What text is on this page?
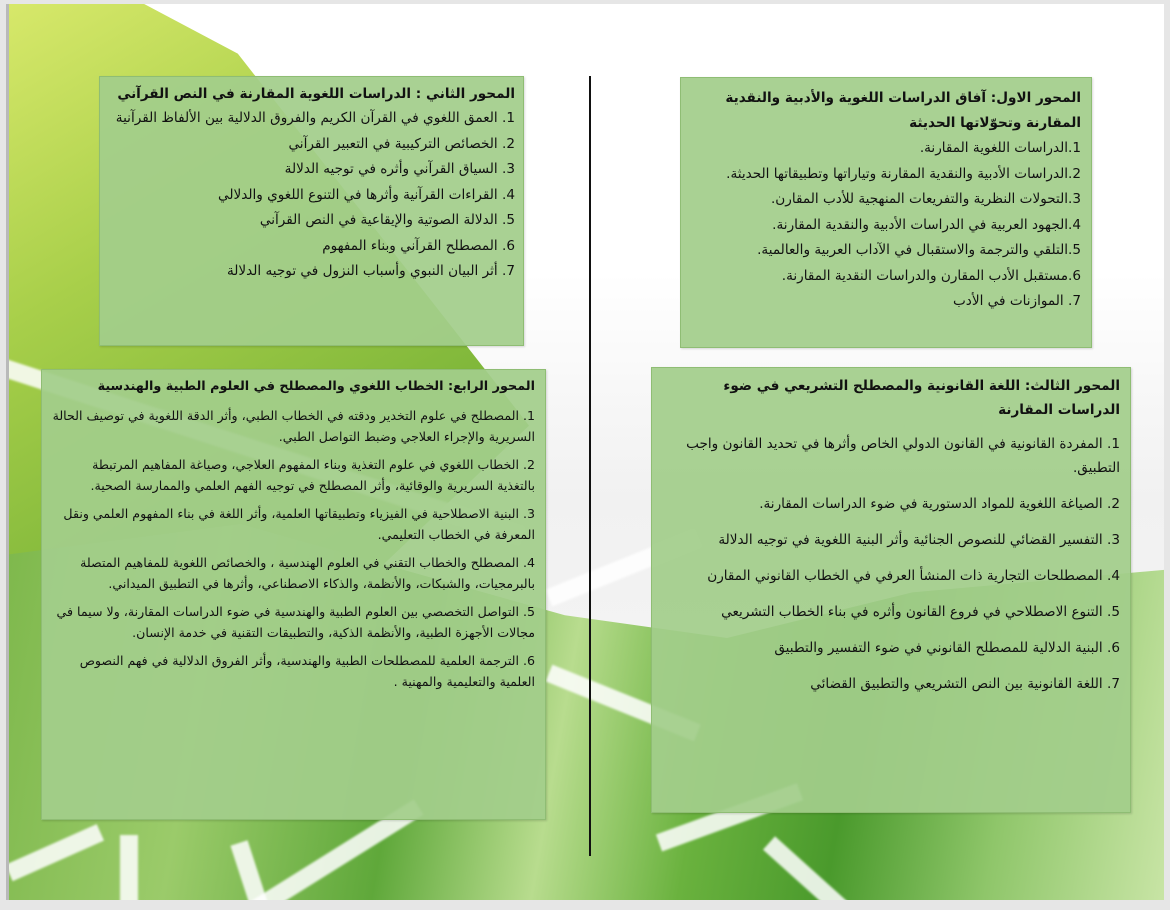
المحور الاول: آفاق الدراسات اللغوية والأدبية والنقدية المقارنة وتحوّلاتها الحديثة
1.الدراسات اللغوية المقارنة.
2.الدراسات الأدبية والنقدية المقارنة وتياراتها وتطبيقاتها الحديثة.
3.التحولات النظرية والتفريعات المنهجية للأدب المقارن.
4.الجهود العربية في الدراسات الأدبية والنقدية المقارنة.
5.التلقي والترجمة والاستقبال في الآداب العربية والعالمية.
6.مستقبل الأدب المقارن والدراسات النقدية المقارنة.
7. الموازنات في الأدب
المحور الثاني : الدراسات اللغوية المقارنة في النص القرآني
1. العمق اللغوي في القرآن الكريم والفروق الدلالية بين الألفاظ القرآنية
2. الخصائص التركيبية في التعبير القرآني
3. السياق القرآني وأثره في توجيه الدلالة
4. القراءات القرآنية وأثرها في التنوع اللغوي والدلالي
5. الدلالة الصوتية والإيقاعية في النص القرآني
6. المصطلح القرآني وبناء المفهوم
7. أثر البيان النبوي وأسباب النزول في توجيه الدلالة
المحور الثالث: اللغة القانونية والمصطلح التشريعي في ضوء الدراسات المقارنة
1. المفردة القانونية في القانون الدولي الخاص وأثرها في تحديد القانون واجب التطبيق.
2. الصياغة اللغوية للمواد الدستورية في ضوء الدراسات المقارنة.
3. التفسير القضائي للنصوص الجنائية وأثر البنية اللغوية في توجيه الدلالة
4. المصطلحات التجارية ذات المنشأ العرفي في الخطاب القانوني المقارن
5. التنوع الاصطلاحي في فروع القانون وأثره في بناء الخطاب التشريعي
6. البنية الدلالية للمصطلح القانوني في ضوء التفسير والتطبيق
7. اللغة القانونية بين النص التشريعي والتطبيق القضائي
المحور الرابع: الخطاب اللغوي والمصطلح في العلوم الطبية والهندسية
1. المصطلح في علوم التخدير ودقته في الخطاب الطبي، وأثر الدقة اللغوية في توصيف الحالة السريرية والإجراء العلاجي وضبط التواصل الطبي.
2. الخطاب اللغوي في علوم التغذية وبناء المفهوم العلاجي، وصياغة المفاهيم المرتبطة بالتغذية السريرية والوقائية، وأثر المصطلح في توجيه الفهم العلمي والممارسة الصحية.
3. البنية الاصطلاحية في الفيزياء وتطبيقاتها العلمية، وأثر اللغة في بناء المفهوم العلمي ونقل المعرفة في الخطاب التعليمي.
4. المصطلح والخطاب التقني في العلوم الهندسية ، والخصائص اللغوية للمفاهيم المتصلة بالبرمجيات، والشبكات، والأنظمة، والذكاء الاصطناعي، وأثرها في التطبيق الميداني.
5. التواصل التخصصي بين العلوم الطبية والهندسية في ضوء الدراسات المقارنة، ولا سيما في مجالات الأجهزة الطبية، والأنظمة الذكية، والتطبيقات التقنية في خدمة الإنسان.
6. الترجمة العلمية للمصطلحات الطبية والهندسية، وأثر الفروق الدلالية في فهم النصوص العلمية والتعليمية والمهنية .
